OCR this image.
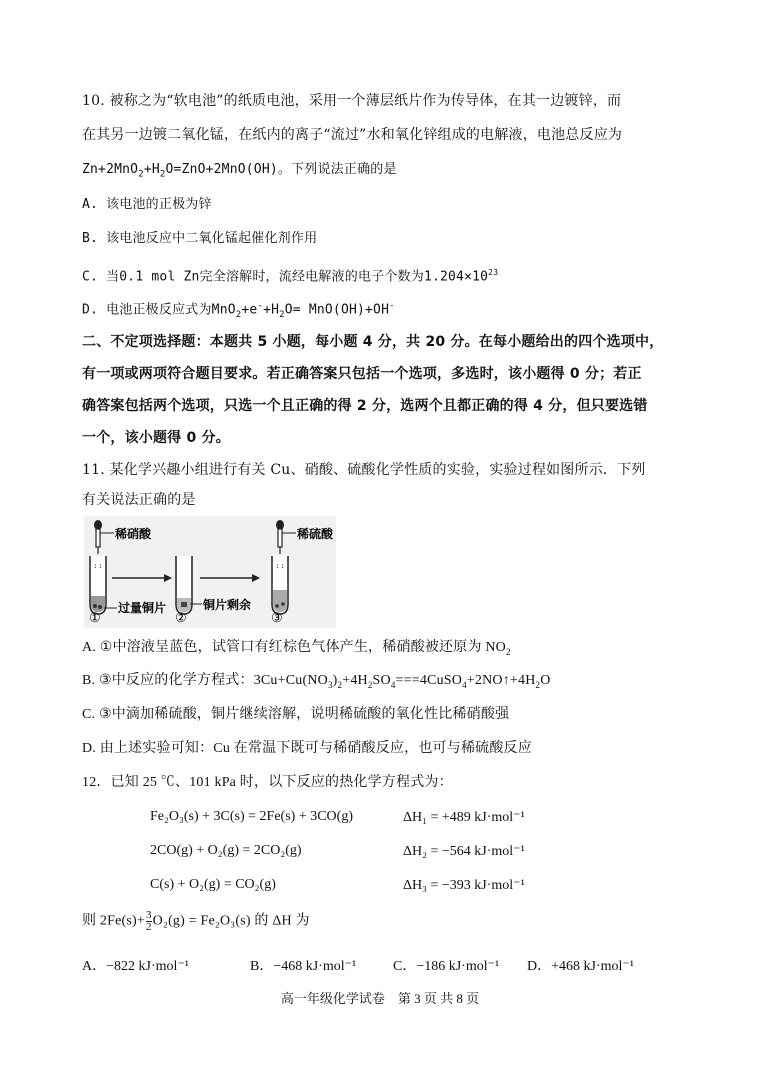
10. 被称之为“软电池”的纸质电池，采用一个薄层纸片作为传导体，在其一边镀锌，而
在其另一边镀二氧化锰，在纸内的离子“流过”水和氧化锌组成的电解液，电池总反应为
$Zn+2MnO_2+H_2O=ZnO+2MnO(OH)$。下列说法正确的是
A. 该电池的正极为锌
B. 该电池反应中二氧化锰起催化剂作用
C. 当0.1 mol Zn完全溶解时，流经电解液的电子个数为$1.204\times 10^{23}$
D. 电池正极反应式为$MnO_2+e^-+H_2O= MnO(OH)+OH^-$
二、不定项选择题：本题共 5 小题，每小题 4 分，共 20 分。在每小题给出的四个选项中，
有一项或两项符合题目要求。若正确答案只包括一个选项，多选时，该小题得 0 分；若正
确答案包括两个选项，只选一个且正确的得 2 分，选两个且都正确的得 4 分，但只要选错
一个，该小题得 0 分。
11. 某化学兴趣小组进行有关 Cu、硝酸、硫酸化学性质的实验，实验过程如图所示．下列
有关说法正确的是
: :
稀硝酸
过量铜片
①
铜片剩余
②
: :
稀硫酸
③
A. ①中溶液呈蓝色，试管口有红棕色气体产生，稀硝酸被还原为 $NO_2$
B. ③中反应的化学方程式：$3Cu+Cu(NO_3)_2+4H_2SO_4===4CuSO_4+2NO↑+4H_2O$
C. ③中滴加稀硫酸，铜片继续溶解，说明稀硫酸的氧化性比稀硝酸强
D. 由上述实验可知：Cu 在常温下既可与稀硝酸反应，也可与稀硫酸反应
12．已知 25 ℃、101 kPa 时，以下反应的热化学方程式为：
Fe₂O₃(s) + 3C(s) = 2Fe(s) + 3CO(g)	ΔH₁ = +489 kJ·mol⁻¹
2CO(g) + O₂(g) = 2CO₂(g)	ΔH₂ = −564 kJ·mol⁻¹
C(s) + O₂(g) = CO₂(g)	ΔH₃ = −393 kJ·mol⁻¹
则 $2Fe(s)+ \frac{3}{2} O_2(g) = Fe_2O_3(s)$ 的 ΔH 为
A．−822 kJ·mol⁻¹	B．−468 kJ·mol⁻¹	C．−186 kJ·mol⁻¹ D．+468 kJ·mol⁻¹
高一年级化学试卷　第 3 页 共 8 页
